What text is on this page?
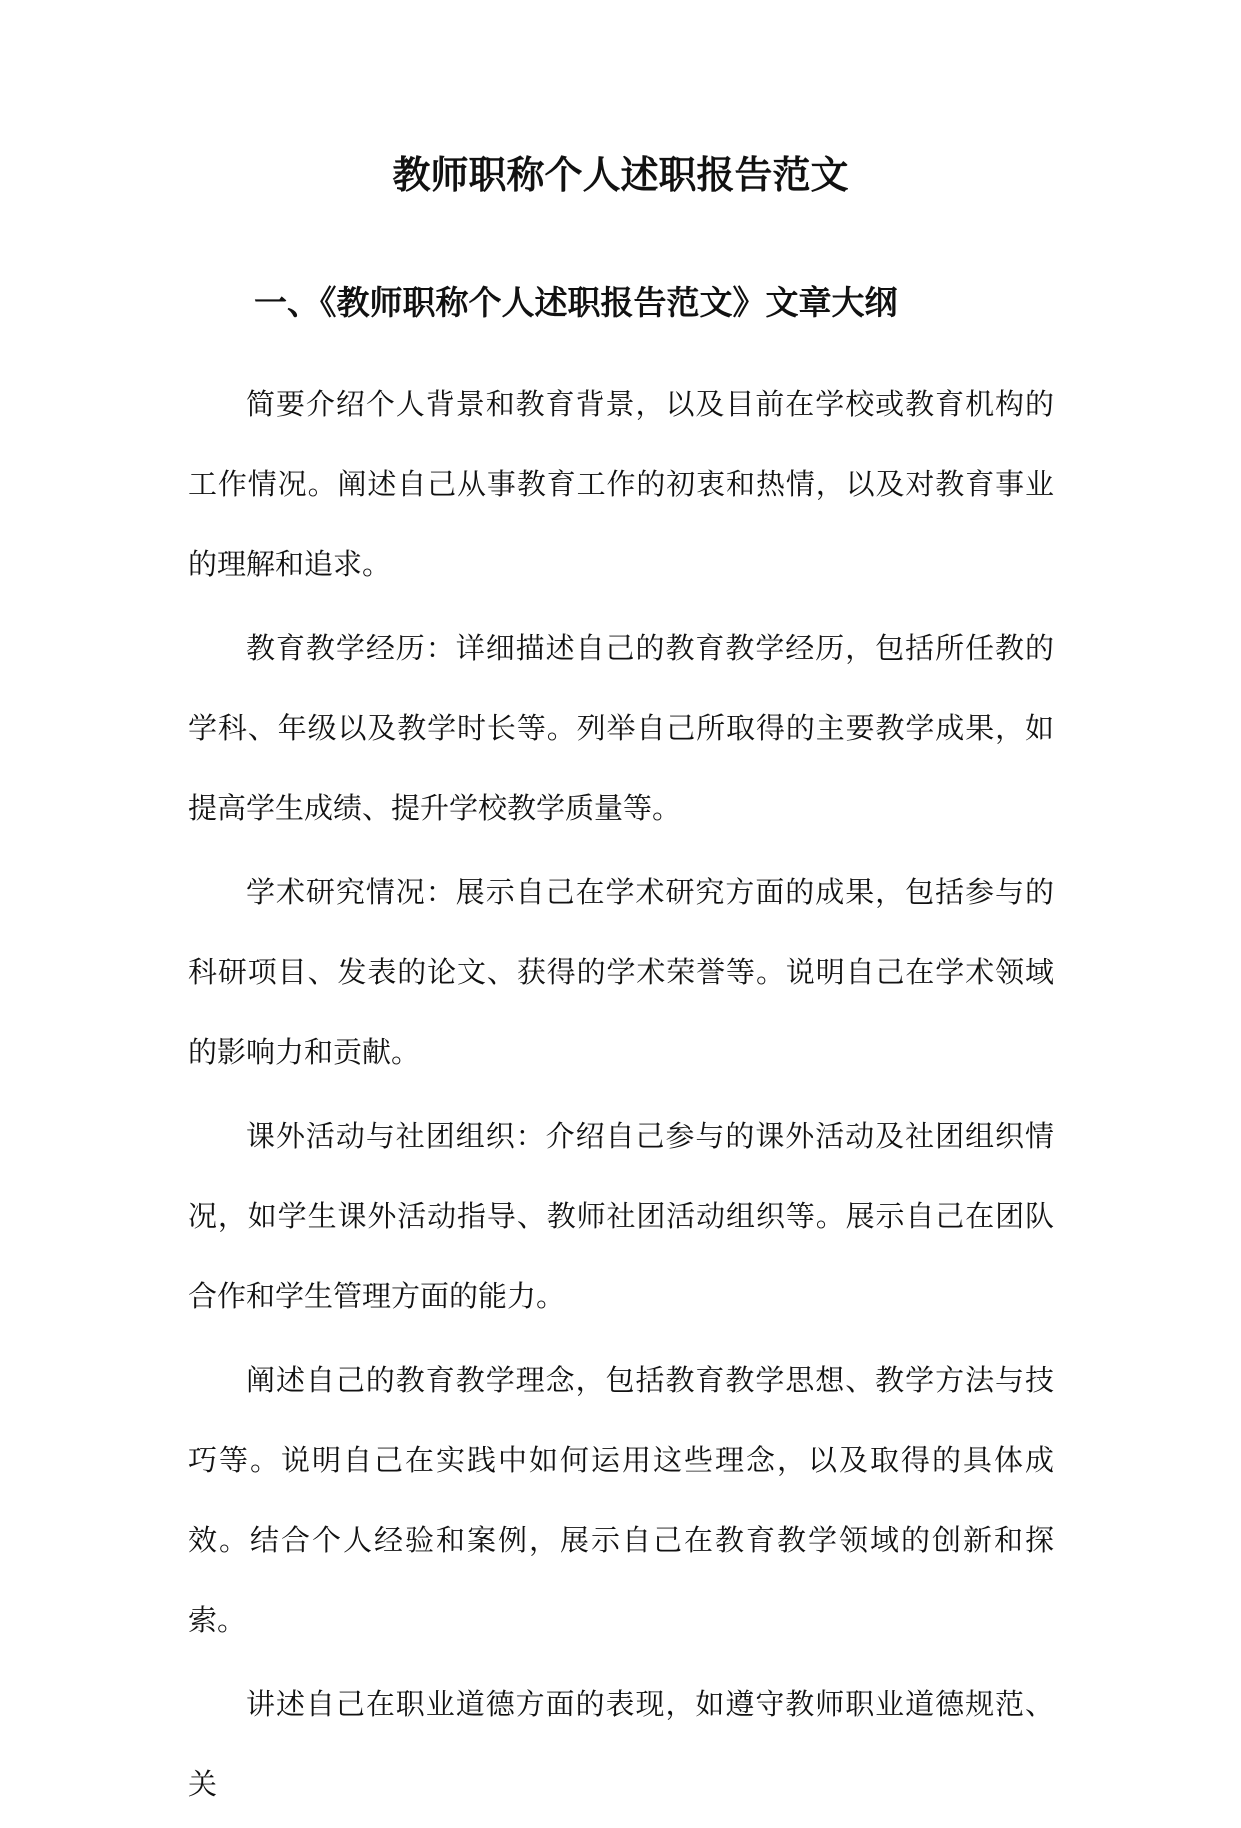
教师职称个人述职报告范文
一、《教师职称个人述职报告范文》文章大纲

简要介绍个人背景和教育背景，以及目前在学校或教育机构的工作情况。阐述自己从事教育工作的初衷和热情，以及对教育事业的理解和追求。

教育教学经历：详细描述自己的教育教学经历，包括所任教的学科、年级以及教学时长等。列举自己所取得的主要教学成果，如提高学生成绩、提升学校教学质量等。

学术研究情况：展示自己在学术研究方面的成果，包括参与的科研项目、发表的论文、获得的学术荣誉等。说明自己在学术领域的影响力和贡献。

课外活动与社团组织：介绍自己参与的课外活动及社团组织情况，如学生课外活动指导、教师社团活动组织等。展示自己在团队合作和学生管理方面的能力。

阐述自己的教育教学理念，包括教育教学思想、教学方法与技巧等。说明自己在实践中如何运用这些理念，以及取得的具体成效。结合个人经验和案例，展示自己在教育教学领域的创新和探索。

讲述自己在职业道德方面的表现，如遵守教师职业道德规范、关
